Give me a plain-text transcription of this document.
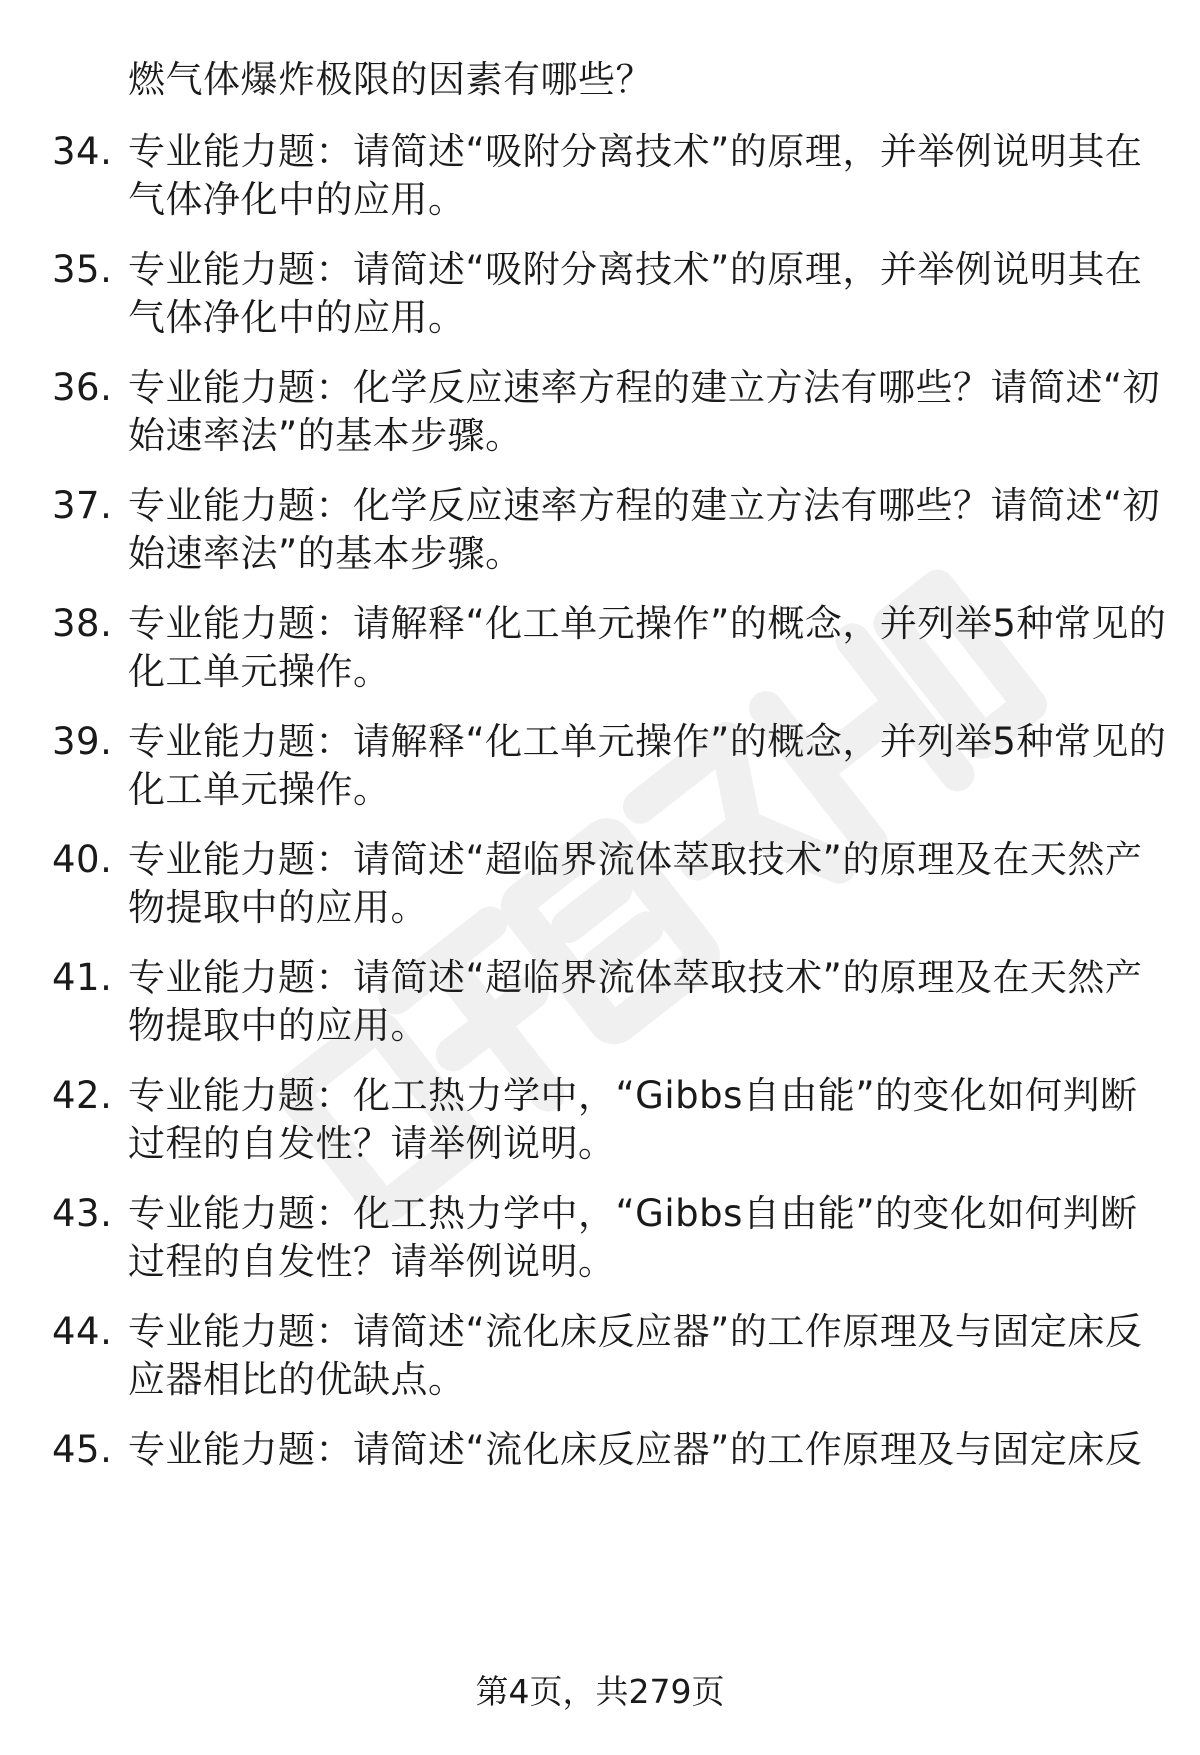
燃气体爆炸极限的因素有哪些？
34. 专业能力题：请简述“吸附分离技术”的原理，并举例说明其在
气体净化中的应用。
35. 专业能力题：请简述“吸附分离技术”的原理，并举例说明其在
气体净化中的应用。
36. 专业能力题：化学反应速率方程的建立方法有哪些？请简述“初
始速率法”的基本步骤。
37. 专业能力题：化学反应速率方程的建立方法有哪些？请简述“初
始速率法”的基本步骤。
38. 专业能力题：请解释“化工单元操作”的概念，并列举5种常见的
化工单元操作。
39. 专业能力题：请解释“化工单元操作”的概念，并列举5种常见的
化工单元操作。
40. 专业能力题：请简述“超临界流体萃取技术”的原理及在天然产
物提取中的应用。
41. 专业能力题：请简述“超临界流体萃取技术”的原理及在天然产
物提取中的应用。
42. 专业能力题：化工热力学中，“Gibbs自由能”的变化如何判断
过程的自发性？请举例说明。
43. 专业能力题：化工热力学中，“Gibbs自由能”的变化如何判断
过程的自发性？请举例说明。
44. 专业能力题：请简述“流化床反应器”的工作原理及与固定床反
应器相比的优缺点。
45. 专业能力题：请简述“流化床反应器”的工作原理及与固定床反
第4页，共279页
